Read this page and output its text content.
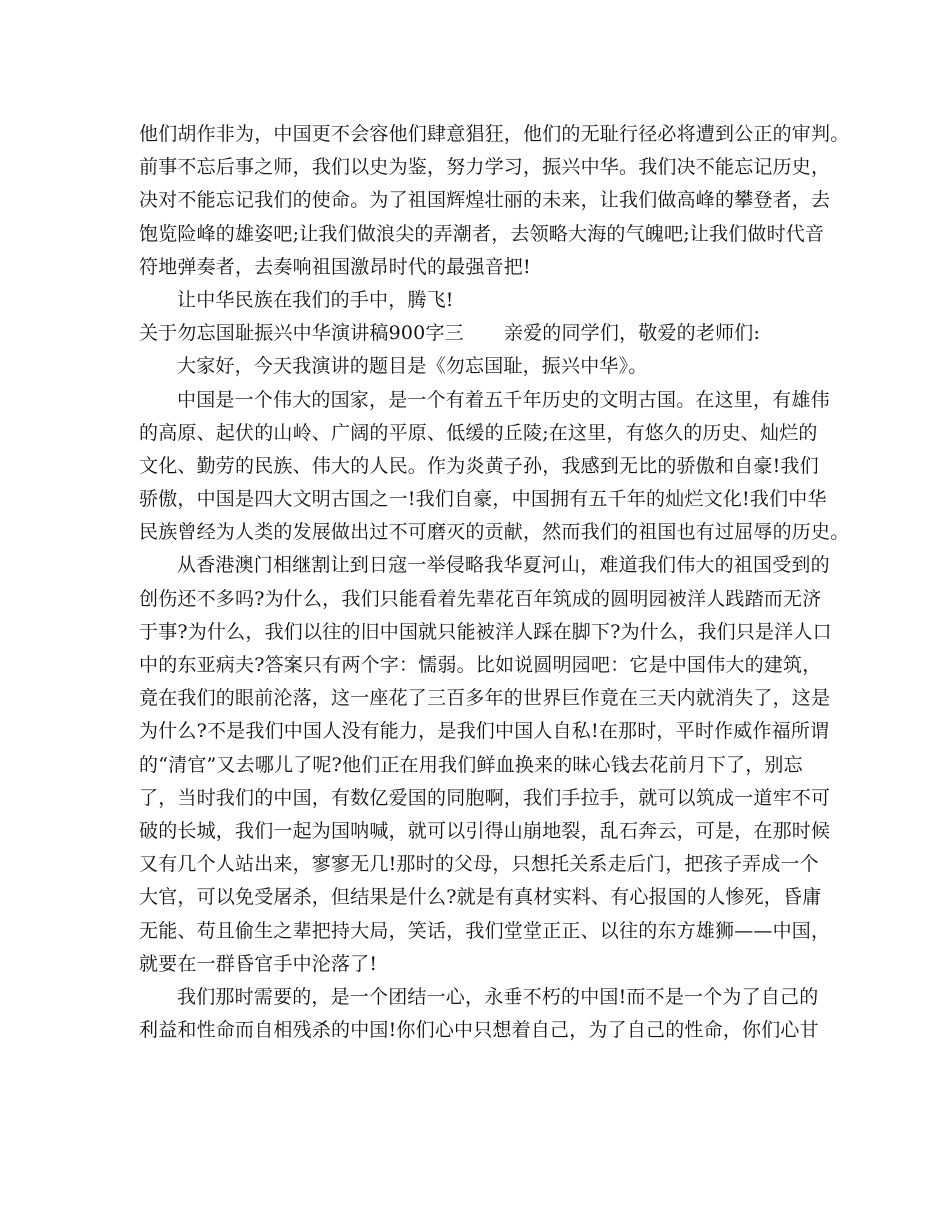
他们胡作非为，中国更不会容他们肆意猖狂，他们的无耻行径必将遭到公正的审判。
前事不忘后事之师，我们以史为鉴，努力学习，振兴中华。我们决不能忘记历史，
决对不能忘记我们的使命。为了祖国辉煌壮丽的未来，让我们做高峰的攀登者，去
饱览险峰的雄姿吧;让我们做浪尖的弄潮者，去领略大海的气魄吧;让我们做时代音
符地弹奏者，去奏响祖国激昂时代的最强音把!
让中华民族在我们的手中，腾飞!
关于勿忘国耻振兴中华演讲稿900字三 亲爱的同学们，敬爱的老师们:
大家好，今天我演讲的题目是《勿忘国耻，振兴中华》。
中国是一个伟大的国家，是一个有着五千年历史的文明古国。在这里，有雄伟
的高原、起伏的山岭、广阔的平原、低缓的丘陵;在这里，有悠久的历史、灿烂的
文化、勤劳的民族、伟大的人民。作为炎黄子孙，我感到无比的骄傲和自豪!我们
骄傲，中国是四大文明古国之一!我们自豪，中国拥有五千年的灿烂文化!我们中华
民族曾经为人类的发展做出过不可磨灭的贡献，然而我们的祖国也有过屈辱的历史。
从香港澳门相继割让到日寇一举侵略我华夏河山，难道我们伟大的祖国受到的
创伤还不多吗?为什么，我们只能看着先辈花百年筑成的圆明园被洋人践踏而无济
于事?为什么，我们以往的旧中国就只能被洋人踩在脚下?为什么，我们只是洋人口
中的东亚病夫?答案只有两个字：懦弱。比如说圆明园吧：它是中国伟大的建筑，
竟在我们的眼前沦落，这一座花了三百多年的世界巨作竟在三天内就消失了，这是
为什么?不是我们中国人没有能力，是我们中国人自私!在那时，平时作威作福所谓
的“清官”又去哪儿了呢?他们正在用我们鲜血换来的昧心钱去花前月下了，别忘
了，当时我们的中国，有数亿爱国的同胞啊，我们手拉手，就可以筑成一道牢不可
破的长城，我们一起为国呐喊，就可以引得山崩地裂，乱石奔云，可是，在那时候
又有几个人站出来，寥寥无几!那时的父母，只想托关系走后门，把孩子弄成一个
大官，可以免受屠杀，但结果是什么?就是有真材实料、有心报国的人惨死，昏庸
无能、苟且偷生之辈把持大局，笑话，我们堂堂正正、以往的东方雄狮——中国，
就要在一群昏官手中沦落了!
我们那时需要的，是一个团结一心，永垂不朽的中国!而不是一个为了自己的
利益和性命而自相残杀的中国!你们心中只想着自己，为了自己的性命，你们心甘
